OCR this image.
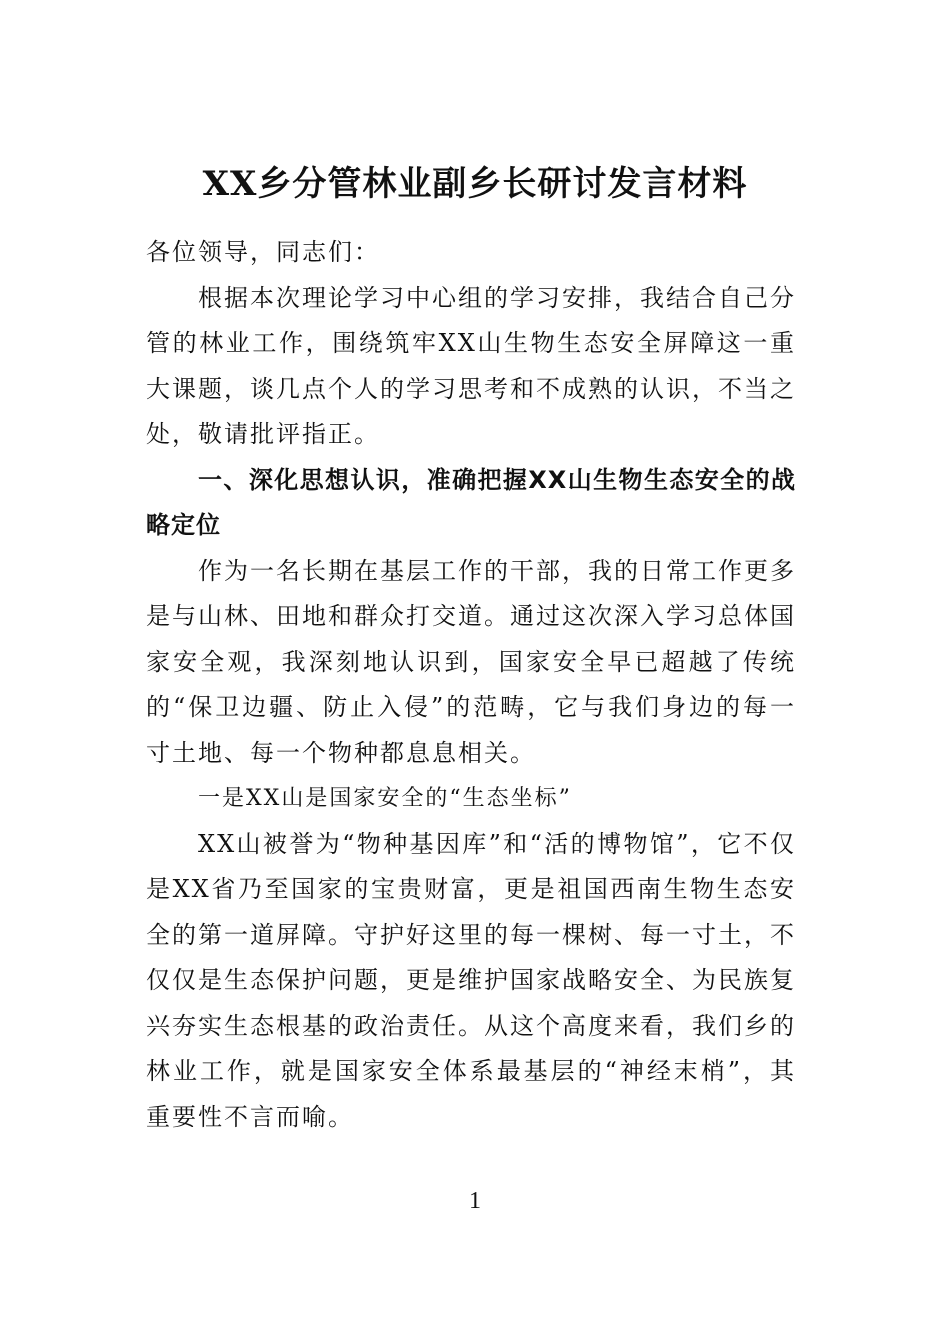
XX乡分管林业副乡长研讨发言材料

各位领导，同志们：

根据本次理论学习中心组的学习安排，我结合自己分管的林业工作，围绕筑牢XX山生物生态安全屏障这一重大课题，谈几点个人的学习思考和不成熟的认识，不当之处，敬请批评指正。

一、深化思想认识，准确把握XX山生物生态安全的战略定位

作为一名长期在基层工作的干部，我的日常工作更多是与山林、田地和群众打交道。通过这次深入学习总体国家安全观，我深刻地认识到，国家安全早已超越了传统的“保卫边疆、防止入侵”的范畴，它与我们身边的每一寸土地、每一个物种都息息相关。

一是XX山是国家安全的“生态坐标”

XX山被誉为“物种基因库”和“活的博物馆”，它不仅是XX省乃至国家的宝贵财富，更是祖国西南生物生态安全的第一道屏障。守护好这里的每一棵树、每一寸土，不仅仅是生态保护问题，更是维护国家战略安全、为民族复兴夯实生态根基的政治责任。从这个高度来看，我们乡的林业工作，就是国家安全体系最基层的“神经末梢”，其重要性不言而喻。

1
